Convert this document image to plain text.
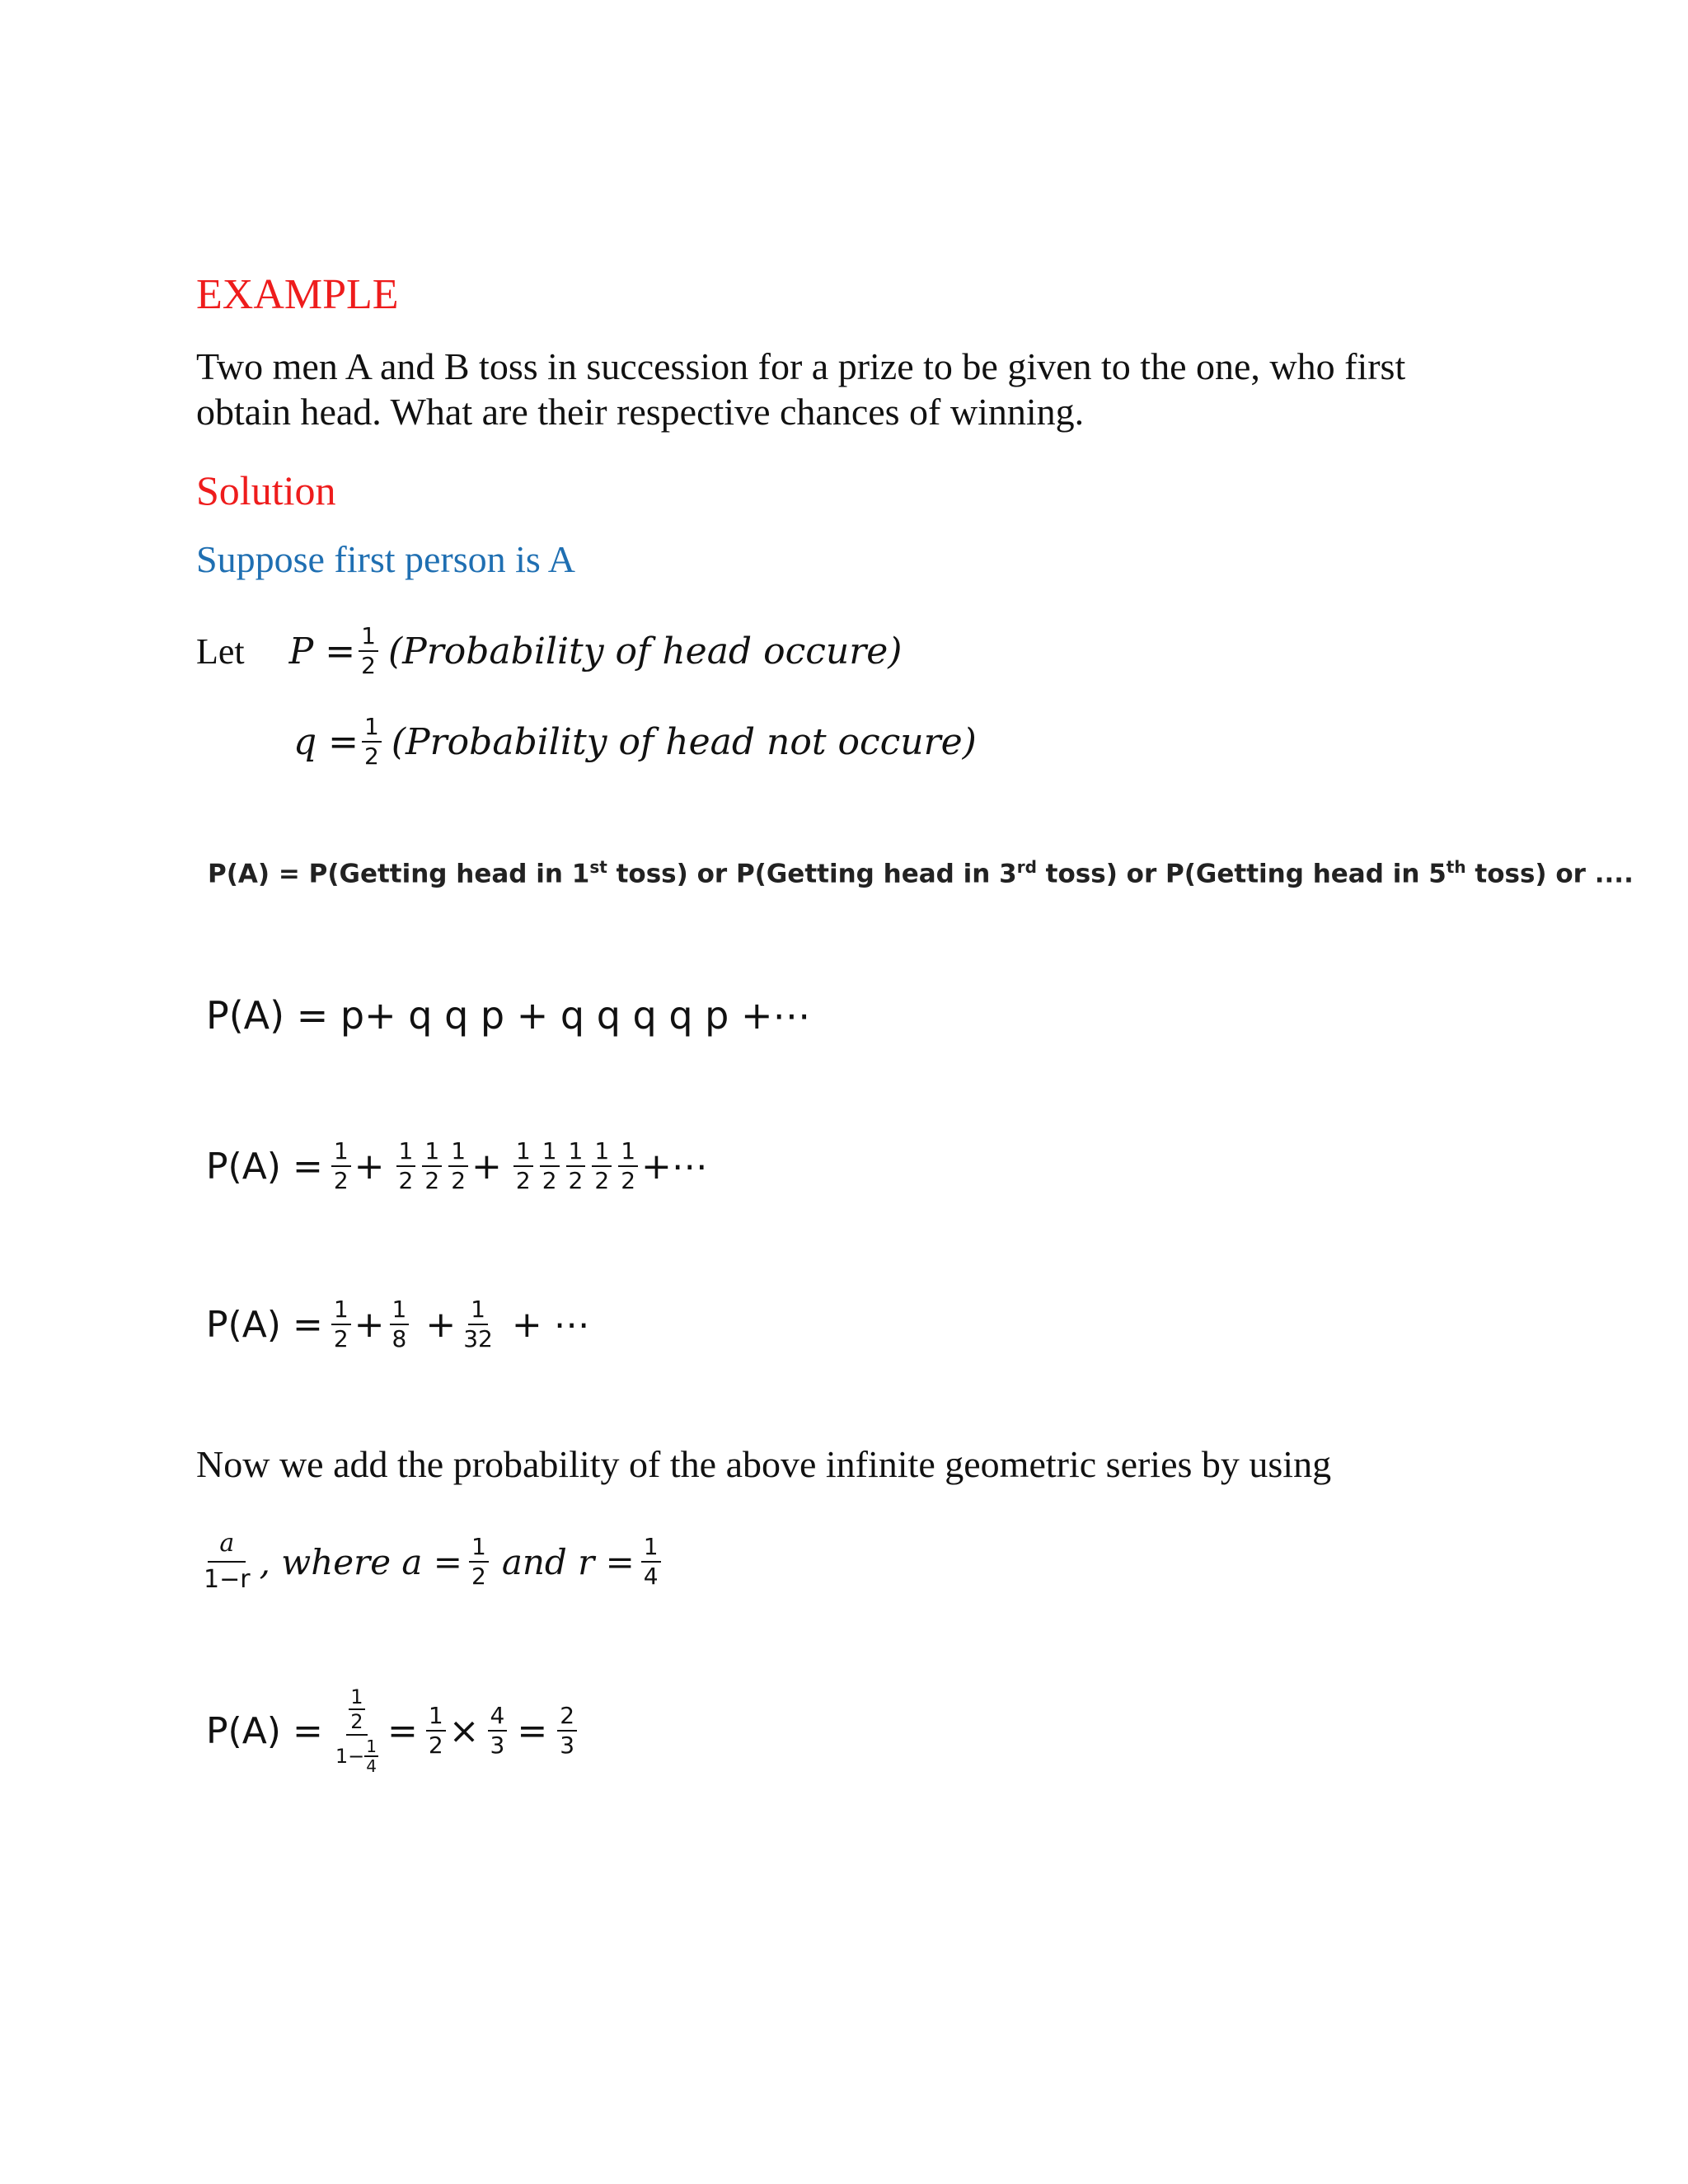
EXAMPLE
Two men A and B toss in succession for a prize to be given to the one, who first
obtain head. What are their respective chances of winning.
Solution
Suppose first person is A
Let $P = \frac{1}{2}$ (Probability of head occure)
$q = \frac{1}{2}$ (Probability of head not occure)
P(A) = P(Getting head in 1st toss) or P(Getting head in 3rd toss) or P(Getting head in 5th toss) or ....
P(A) = p+ q q p + q q q q p +⋯
$P(A) = \frac{1}{2} + \frac{1}{2} \frac{1}{2} \frac{1}{2} + \frac{1}{2} \frac{1}{2} \frac{1}{2} \frac{1}{2} \frac{1}{2}$ +⋯
$P(A) = \frac{1}{2} + \frac{1}{8} + \frac{1}{32}$ + ⋯
Now we add the probability of the above infinite geometric series by using
$\frac{a}{1-r}$ , where $a = \frac{1}{2}$ and $r = \frac{1}{4}$
P(A) = 1
2
$1- \frac{1}{4} = \frac{1}{2} \times \frac{4}{3} = \frac{2}{3}$
